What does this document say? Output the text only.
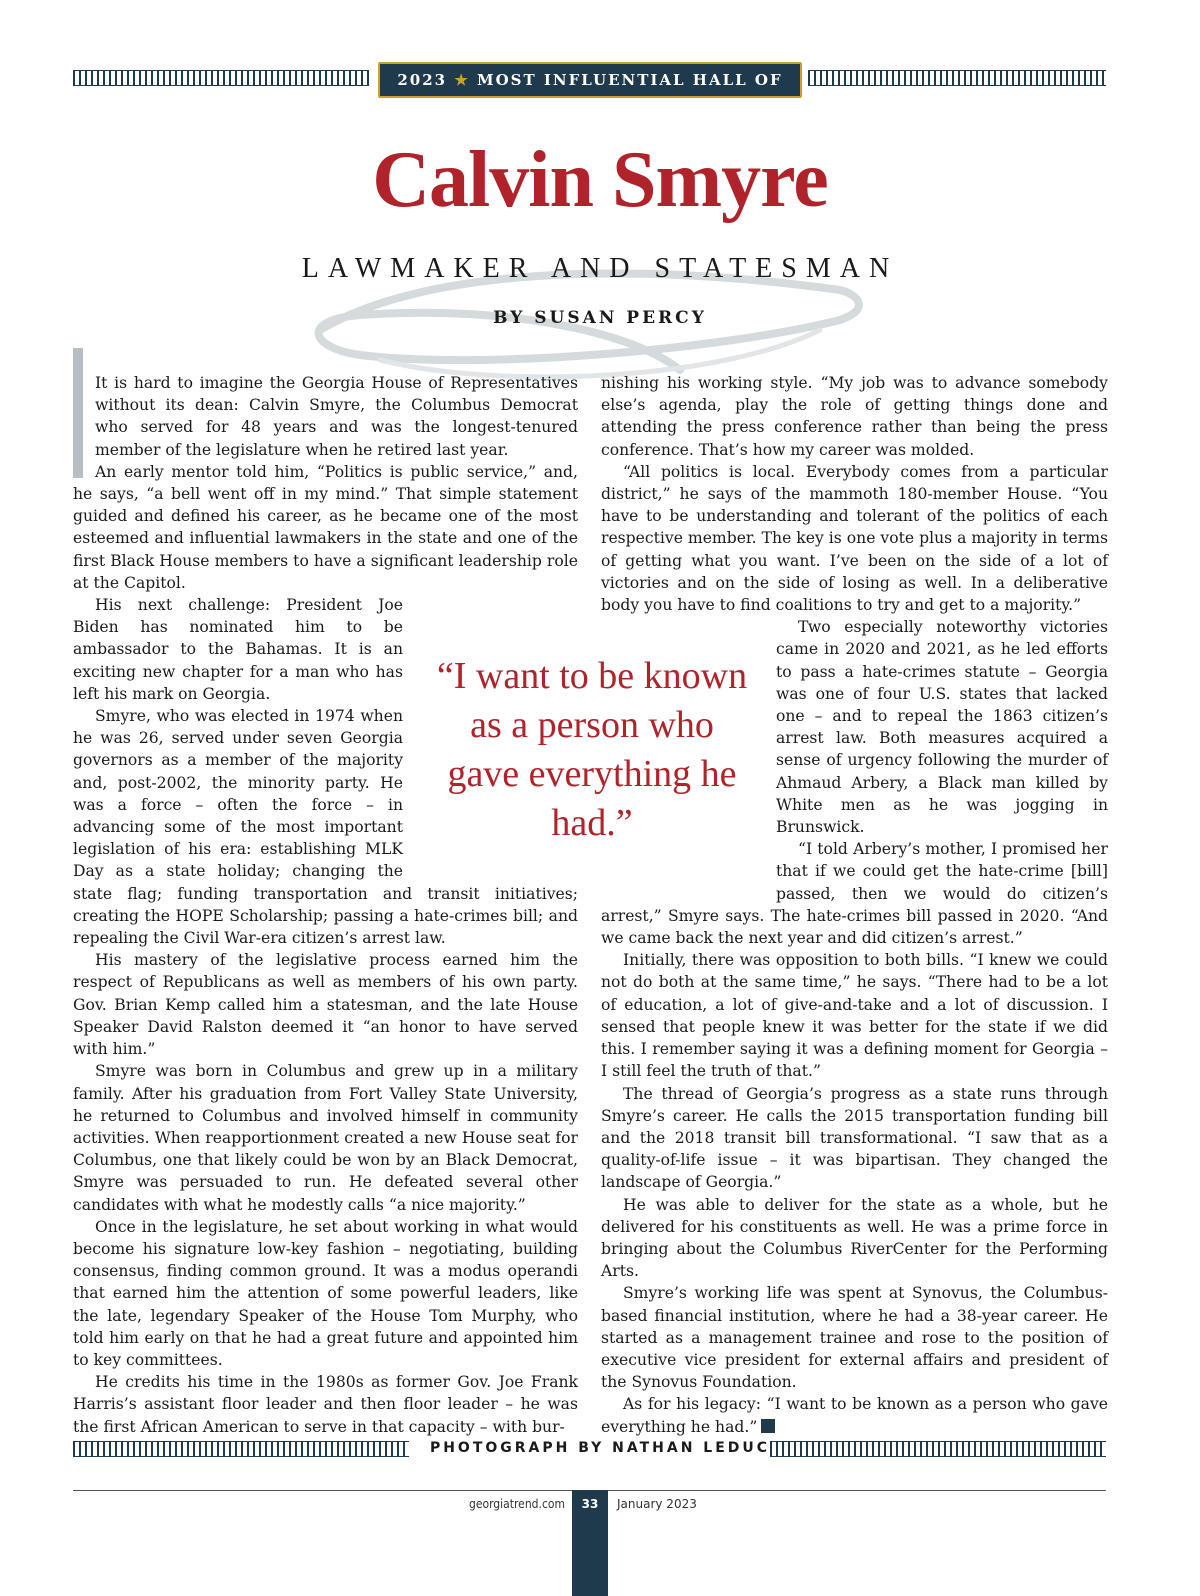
2023 ★ MOST INFLUENTIAL HALL OF FAME
Calvin Smyre
LAWMAKER AND STATESMAN
BY SUSAN PERCY

It is hard to imagine the Georgia House of Representatives without its dean: Calvin Smyre, the Columbus Democrat who served for 48 years and was the longest-tenured member of the legislature when he retired last year.

An early mentor told him, “Politics is public service,” and, he says, “a bell went off in my mind.” That simple statement guided and defined his career, as he became one of the most esteemed and influential lawmakers in the state and one of the first Black House members to have a significant leadership role at the Capitol.

His next challenge: President Joe Biden has nominated him to be ambassador to the Bahamas. It is an exciting new chapter for a man who has left his mark on Georgia.

Smyre, who was elected in 1974 when he was 26, served under seven Georgia governors as a member of the majority and, post-2002, the minority party. He was a force – often the force – in advancing some of the most important legislation of his era: establishing MLK Day as a state holiday; changing the state flag; funding transportation and transit initiatives; creating the HOPE Scholarship; passing a hate-crimes bill; and repealing the Civil War-era citizen’s arrest law.

His mastery of the legislative process earned him the respect of Republicans as well as members of his own party. Gov. Brian Kemp called him a statesman, and the late House Speaker David Ralston deemed it “an honor to have served with him.”

Smyre was born in Columbus and grew up in a military family. After his graduation from Fort Valley State University, he returned to Columbus and involved himself in community activities. When reapportionment created a new House seat for Columbus, one that likely could be won by an Black Democrat, Smyre was persuaded to run. He defeated several other candidates with what he modestly calls “a nice majority.”

Once in the legislature, he set about working in what would become his signature low-key fashion – negotiating, building consensus, finding common ground. It was a modus operandi that earned him the attention of some powerful leaders, like the late, legendary Speaker of the House Tom Murphy, who told him early on that he had a great future and appointed him to key committees.

He credits his time in the 1980s as former Gov. Joe Frank Harris’s assistant floor leader and then floor leader – he was the first African American to serve in that capacity – with bur-

nishing his working style. “My job was to advance somebody else’s agenda, play the role of getting things done and attending the press conference rather than being the press conference. That’s how my career was molded.

“All politics is local. Everybody comes from a particular district,” he says of the mammoth 180-member House. “You have to be understanding and tolerant of the politics of each respective member. The key is one vote plus a majority in terms of getting what you want. I’ve been on the side of a lot of victories and on the side of losing as well. In a deliberative body you have to find coalitions to try and get to a majority.”

Two especially noteworthy victories came in 2020 and 2021, as he led efforts to pass a hate-crimes statute – Georgia was one of four U.S. states that lacked one – and to repeal the 1863 citizen’s arrest law. Both measures acquired a sense of urgency following the murder of Ahmaud Arbery, a Black man killed by White men as he was jogging in Brunswick.

“I told Arbery’s mother, I promised her that if we could get the hate-crime [bill] passed, then we would do citizen’s arrest,” Smyre says. The hate-crimes bill passed in 2020. “And we came back the next year and did citizen’s arrest.”

Initially, there was opposition to both bills. “I knew we could not do both at the same time,” he says. “There had to be a lot of education, a lot of give-and-take and a lot of discussion. I sensed that people knew it was better for the state if we did this. I remember saying it was a defining moment for Georgia – I still feel the truth of that.”

The thread of Georgia’s progress as a state runs through Smyre’s career. He calls the 2015 transportation funding bill and the 2018 transit bill transformational. “I saw that as a quality-of-life issue – it was bipartisan. They changed the landscape of Georgia.”

He was able to deliver for the state as a whole, but he delivered for his constituents as well. He was a prime force in bringing about the Columbus RiverCenter for the Performing Arts.

Smyre’s working life was spent at Synovus, the Columbus-based financial institution, where he had a 38-year career. He started as a management trainee and rose to the position of executive vice president for external affairs and president of the Synovus Foundation.

As for his legacy: “I want to be known as a person who gave everything he had.”

“I want to be known as a person who gave everything he had.”
PHOTOGRAPH BY NATHAN LEDUC
georgiatrend.com	33	January 2023
